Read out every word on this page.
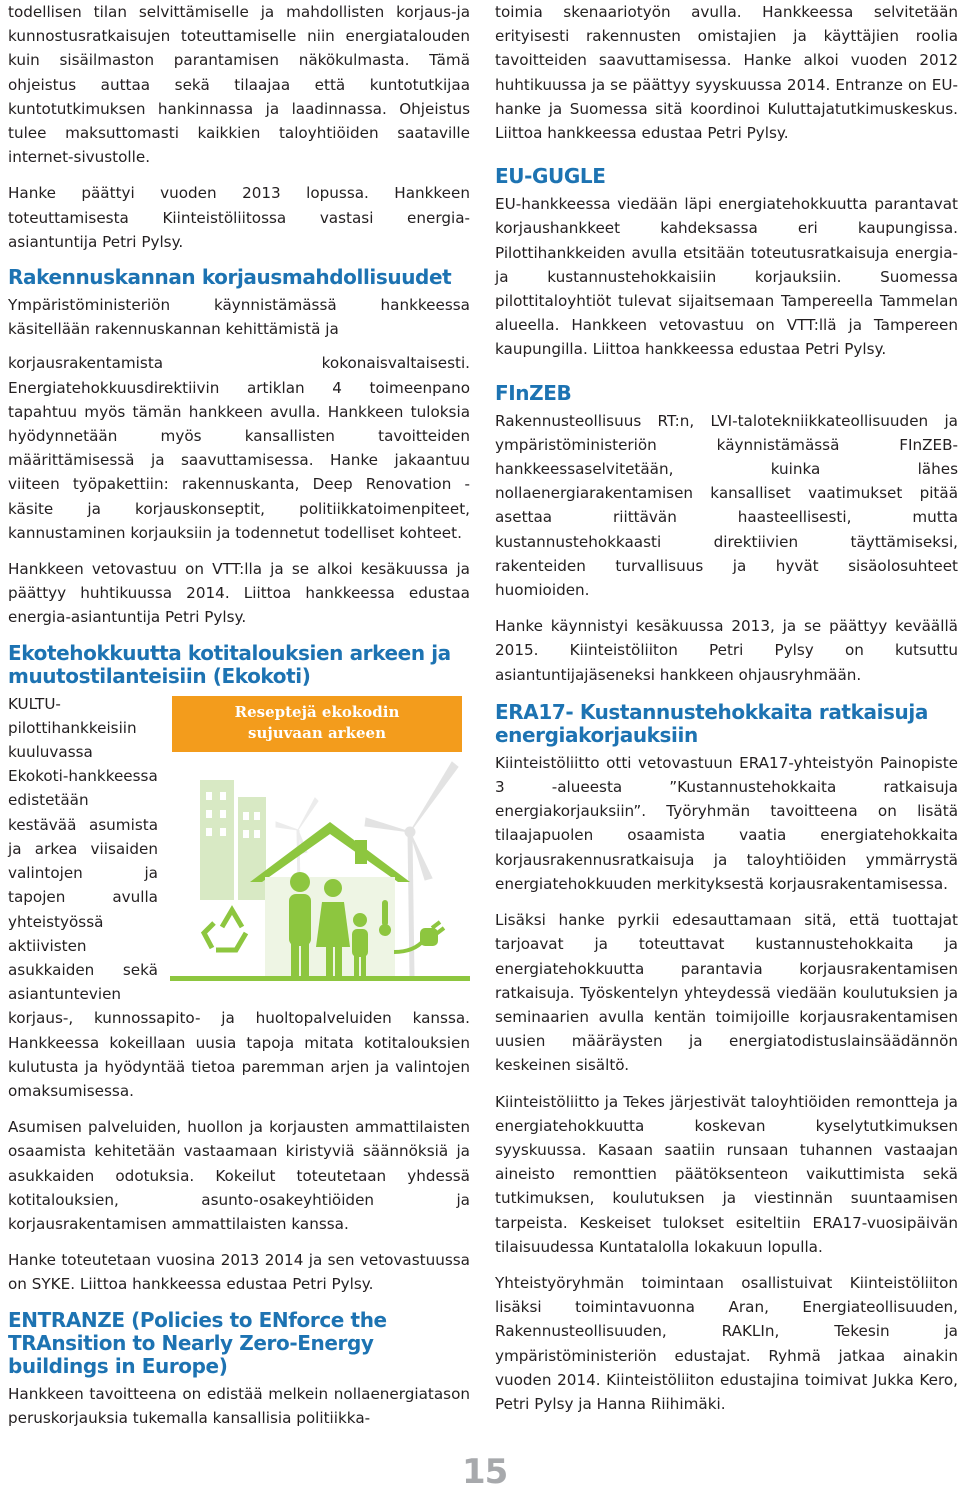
todellisen tilan selvittämiselle ja mahdollisten korjaus-ja kunnostusratkaisujen toteuttamiselle niin energiatalouden kuin sisäilmaston parantamisen näkökulmasta. Tämä ohjeistus auttaa sekä tilaajaa että kuntotutkijaa kuntotutkimuksen hankinnassa ja laadinnassa. Ohjeistus tulee maksuttomasti kaikkien taloyhtiöiden saataville internet-sivustolle.

Hanke päättyi vuoden 2013 lopussa. Hankkeen toteuttamisesta Kiinteistöliitossa vastasi energia-asiantuntija Petri Pylsy.

Rakennuskannan korjausmahdollisuudet

Ympäristöministeriön käynnistämässä hankkeessa käsitellään rakennuskannan kehittämistä ja

korjausrakentamista kokonaisvaltaisesti. Energiatehokkuusdirektiivin artiklan 4 toimeenpano tapahtuu myös tämän hankkeen avulla. Hankkeen tuloksia hyödynnetään myös kansallisten tavoitteiden määrittämisessä ja saavuttamisessa. Hanke jakaantuu viiteen työpakettiin: rakennuskanta, Deep Renovation -käsite ja korjauskonseptit, politiikkatoimenpiteet, kannustaminen korjauksiin ja todennetut todelliset kohteet.

Hankkeen vetovastuu on VTT:lla ja se alkoi kesäkuussa ja päättyy huhtikuussa 2014. Liittoa hankkeessa edustaa energia-asiantuntija Petri Pylsy.

Ekotehokkuutta kotitalouksien arkeen ja muutostilanteisiin (Ekokoti)
Reseptejä ekokodin
sujuvaan arkeen

KULTU-pilottihankkeisiin kuuluvassa Ekokoti-hankkeessa edistetään kestävää asumista ja arkea viisaiden valintojen ja tapojen avulla yhteistyössä aktiivisten asukkaiden sekä asiantuntevien korjaus-, kunnossapito- ja huoltopalveluiden kanssa. Hankkeessa kokeillaan uusia tapoja mitata kotitalouksien kulutusta ja hyödyntää tietoa paremman arjen ja valintojen omaksumisessa.

Asumisen palveluiden, huollon ja korjausten ammattilaisten osaamista kehitetään vastaamaan kiristyviä säännöksiä ja asukkaiden odotuksia. Kokeilut toteutetaan yhdessä kotitalouksien, asunto-osakeyhtiöiden ja korjausrakentamisen ammattilaisten kanssa.

Hanke toteutetaan vuosina 2013 2014 ja sen vetovastuussa on SYKE. Liittoa hankkeessa edustaa Petri Pylsy.

ENTRANZE (Policies to ENforce the TRAnsition to Nearly Zero-Energy buildings in Europe)

Hankkeen tavoitteena on edistää melkein nollaenergiatason peruskorjauksia tukemalla kansallisia politiikka-

toimia skenaariotyön avulla. Hankkeessa selvitetään erityisesti rakennusten omistajien ja käyttäjien roolia tavoitteiden saavuttamisessa. Hanke alkoi vuoden 2012 huhtikuussa ja se päättyy syyskuussa 2014. Entranze on EU-hanke ja Suomessa sitä koordinoi Kuluttajatutkimuskeskus. Liittoa hankkeessa edustaa Petri Pylsy.

EU-GUGLE

EU-hankkeessa viedään läpi energiatehokkuutta parantavat korjaushankkeet kahdeksassa eri kaupungissa. Pilottihankkeiden avulla etsitään toteutusratkaisuja energia- ja kustannustehokkaisiin korjauksiin. Suomessa pilottitaloyhtiöt tulevat sijaitsemaan Tampereella Tammelan alueella. Hankkeen vetovastuu on VTT:llä ja Tampereen kaupungilla. Liittoa hankkeessa edustaa Petri Pylsy.

FInZEB

Rakennusteollisuus RT:n, LVI-talotekniikkateollisuuden ja ympäristöministeriön käynnistämässä FInZEB-hankkeessaselvitetään, kuinka lähes nollaenergiarakentamisen kansalliset vaatimukset pitää asettaa riittävän haasteellisesti, mutta kustannustehokkaasti direktiivien täyttämiseksi, rakenteiden turvallisuus ja hyvät sisäolosuhteet huomioiden.

Hanke käynnistyi kesäkuussa 2013, ja se päättyy keväällä 2015. Kiinteistöliiton Petri Pylsy on kutsuttu asiantuntijajäseneksi hankkeen ohjausryhmään.

ERA17- Kustannustehokkaita ratkaisuja energiakorjauksiin

Kiinteistöliitto otti vetovastuun ERA17-yhteistyön Painopiste 3 -alueesta ”Kustannustehokkaita ratkaisuja energiakorjauksiin”. Työryhmän tavoitteena on lisätä tilaajapuolen osaamista vaatia energiatehokkaita korjausrakennusratkaisuja ja taloyhtiöiden ymmärrystä energiatehokkuuden merkityksestä korjausrakentamisessa.

Lisäksi hanke pyrkii edesauttamaan sitä, että tuottajat tarjoavat ja toteuttavat kustannustehokkaita ja energiatehokkuutta parantavia korjausrakentamisen ratkaisuja. Työskentelyn yhteydessä viedään koulutuksien ja seminaarien avulla kentän toimijoille korjausrakentamisen uusien määräysten ja energiatodistuslainsäädännön keskeinen sisältö.

Kiinteistöliitto ja Tekes järjestivät taloyhtiöiden remontteja ja energiatehokkuutta koskevan kyselytutkimuksen syyskuussa. Kasaan saatiin runsaan tuhannen vastaajan aineisto remonttien päätöksenteon vaikuttimista sekä tutkimuksen, koulutuksen ja viestinnän suuntaamisen tarpeista. Keskeiset tulokset esiteltiin ERA17-vuosipäivän tilaisuudessa Kuntatalolla lokakuun lopulla.

Yhteistyöryhmän toimintaan osallistuivat Kiinteistöliiton lisäksi toimintavuonna Aran, Energiateollisuuden, Rakennusteollisuuden, RAKLIn, Tekesin ja ympäristöministeriön edustajat. Ryhmä jatkaa ainakin vuoden 2014. Kiinteistöliiton edustajina toimivat Jukka Kero, Petri Pylsy ja Hanna Riihimäki.

15
